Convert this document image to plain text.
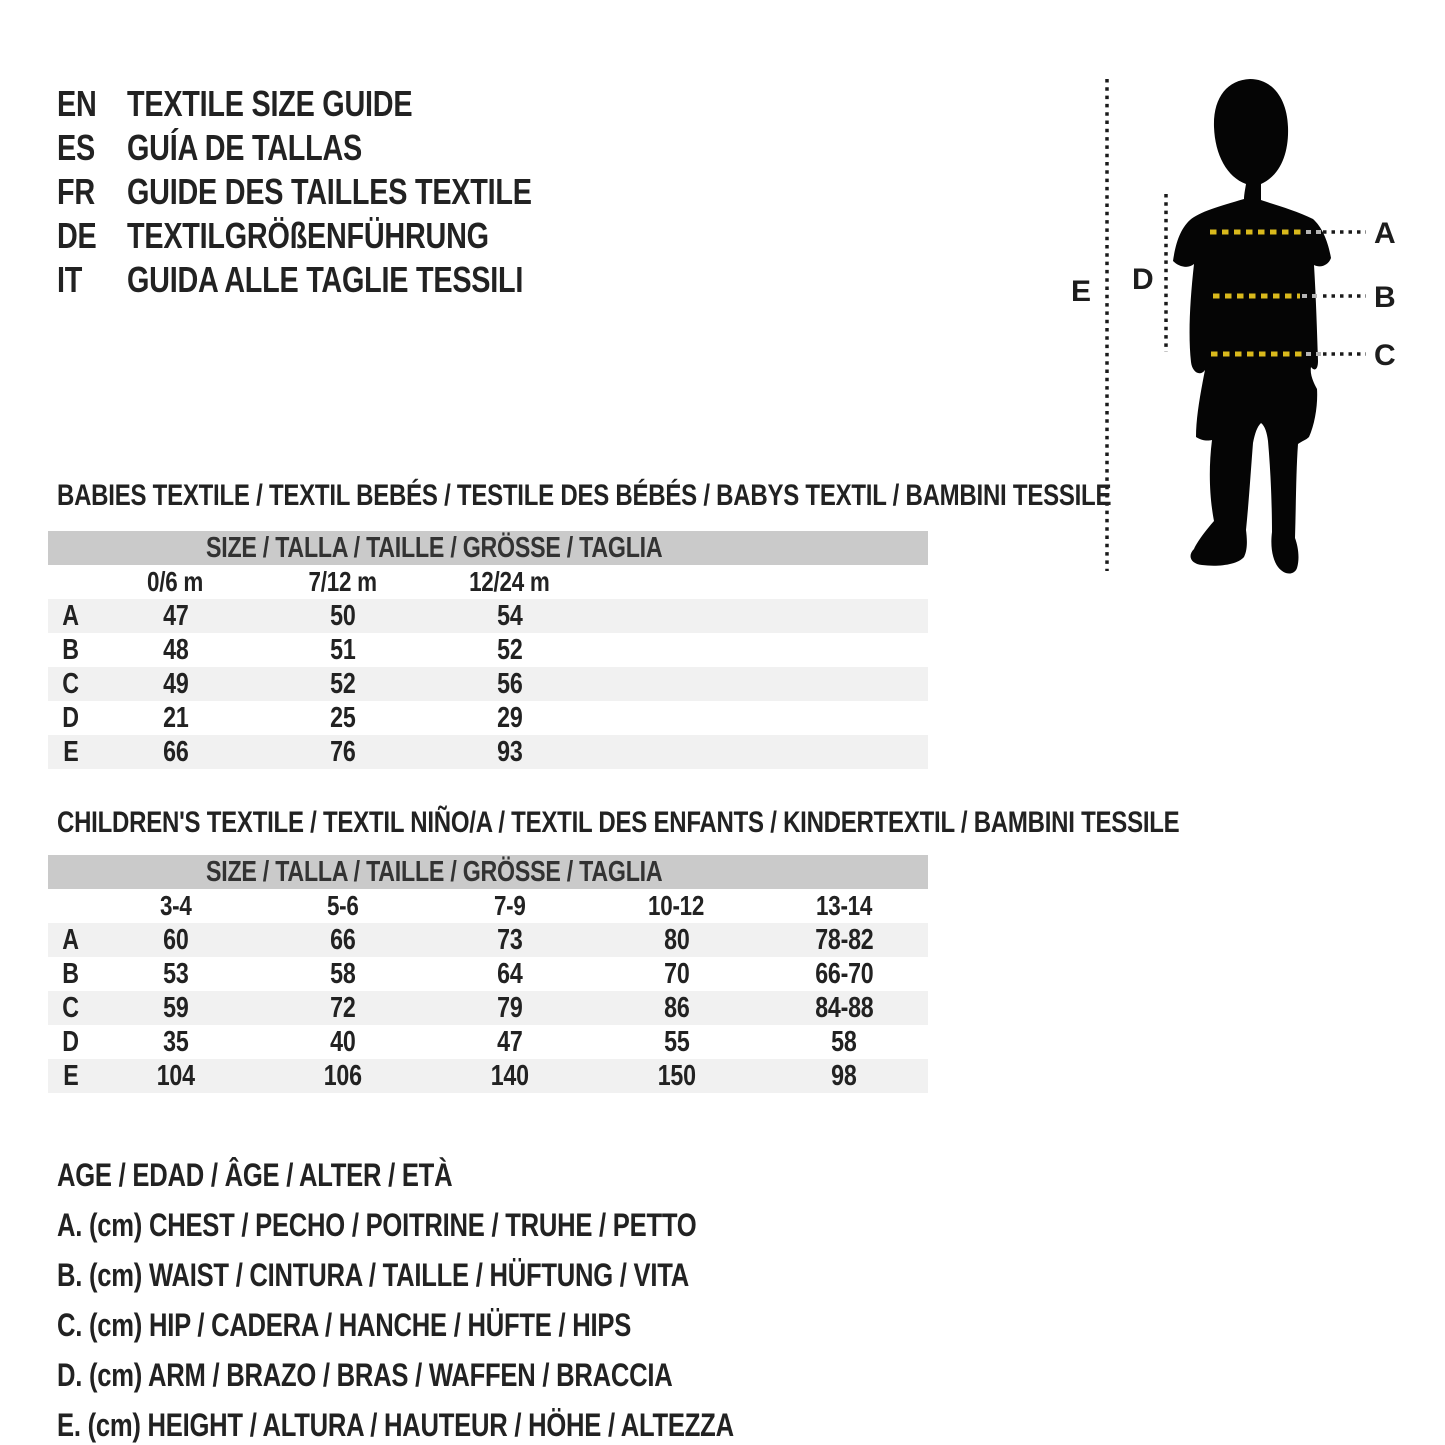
EN TEXTILE SIZE GUIDE
ES GUÍA DE TALLAS
FR GUIDE DES TAILLES TEXTILE
DE TEXTILGRÖßENFÜHRUNG
IT GUIDA ALLE TAGLIE TESSILI
A
B
C
D
E
BABIES TEXTILE / TEXTIL BEBÉS / TESTILE DES BÉBÉS / BABYS TEXTIL / BAMBINI TESSILE
SIZE / TALLA / TAILLE / GRÖSSE / TAGLIA					
	0/6 m	7/12 m	12/24 m		
A	47	50	54		
B	48	51	52		
C	49	52	56		
D	21	25	29		
E	66	76	93		
CHILDREN'S TEXTILE / TEXTIL NIÑO/A / TEXTIL DES ENFANTS / KINDERTEXTIL / BAMBINI TESSILE
SIZE / TALLA / TAILLE / GRÖSSE / TAGLIA					
	3-4	5-6	7-9	10-12	13-14
A	60	66	73	80	78-82
B	53	58	64	70	66-70
C	59	72	79	86	84-88
D	35	40	47	55	58
E	104	106	140	150	98
AGE / EDAD / ÂGE / ALTER / ETÀ
A. (cm) CHEST / PECHO / POITRINE / TRUHE / PETTO
B. (cm) WAIST / CINTURA / TAILLE / HÜFTUNG / VITA
C. (cm) HIP / CADERA / HANCHE / HÜFTE / HIPS
D. (cm) ARM / BRAZO / BRAS / WAFFEN / BRACCIA
E. (cm) HEIGHT / ALTURA / HAUTEUR / HÖHE / ALTEZZA
